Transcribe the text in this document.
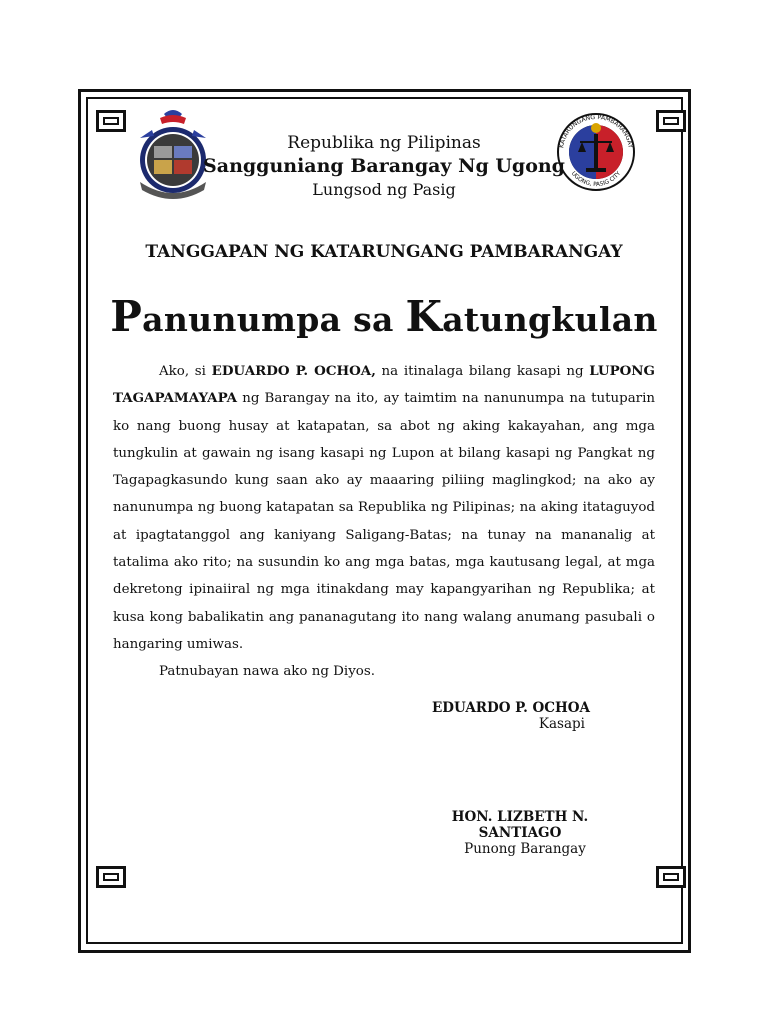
KATARUNGANG PAMBARANGAY
UGONG, PASIG CITY
Republika ng Pilipinas
Sangguniang Barangay Ng Ugong
Lungsod ng Pasig
TANGGAPAN NG KATARUNGANG PAMBARANGAY
Panunumpa sa Katungkulan

Ako, si EDUARDO P. OCHOA, na itinalaga bilang kasapi ng LUPONG TAGAPAMAYAPA ng Barangay na ito, ay taimtim na nanunumpa na tutuparin ko nang buong husay at katapatan, sa abot ng aking kakayahan, ang mga tungkulin at gawain ng isang kasapi ng Lupon at bilang kasapi ng Pangkat ng Tagapagkasundo kung saan ako ay maaaring piliing maglingkod; na ako ay nanunumpa ng buong katapatan sa Republika ng Pilipinas; na aking itataguyod at ipagtatanggol ang kaniyang Saligang-Batas; na tunay na mananalig at tatalima ako rito; na susundin ko ang mga batas, mga kautusang legal, at mga dekretong ipinaiiral ng mga itinakdang may kapangyarihan ng Republika; at kusa kong babalikatin ang pananagutang ito nang walang anumang pasubali o hangaring umiwas.

Patnubayan nawa ako ng Diyos.

EDUARDO P. OCHOA
Kasapi
HON. LIZBETH N. SANTIAGO
Punong Barangay
